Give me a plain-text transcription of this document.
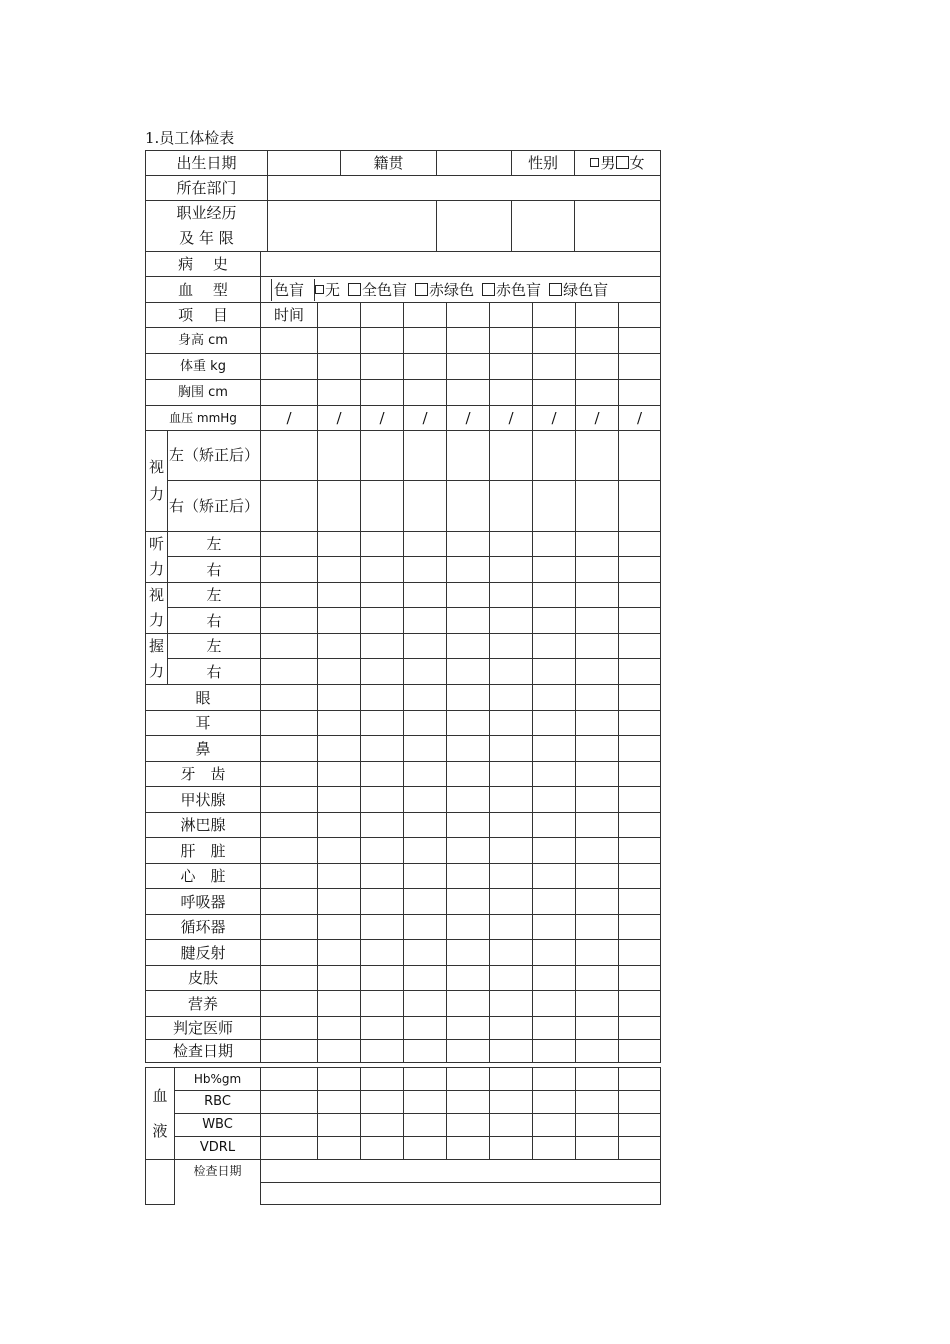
1.员工体检表
出生日期		籍贯		性别	男 女
所在部门					

职业经历
及 年 限					

病　 史										
血　 型		色盲 无 全色盲 赤绿色 赤色盲 绿色盲								
项　 目		时间								
身高 cm										
体重 kg										
胸围 cm										
血压 mmHg		/	/	/	/	/	/	/	/	/

视
力	左（矫正后）									
	右（矫正后）									

听
力	左									
	右									

视
力	左									
	右									

握
力	左									
	右									
眼										
耳										
鼻										
牙　齿										
甲状腺										
淋巴腺										
肝　脏										
心　脏										
呼吸器										
循环器										
腱反射										
皮肤										
营养										
判定医师										
检查日期										
血
液	Hb%gm									
	RBC									
	WBC									
	VDRL									
	检查日期									
